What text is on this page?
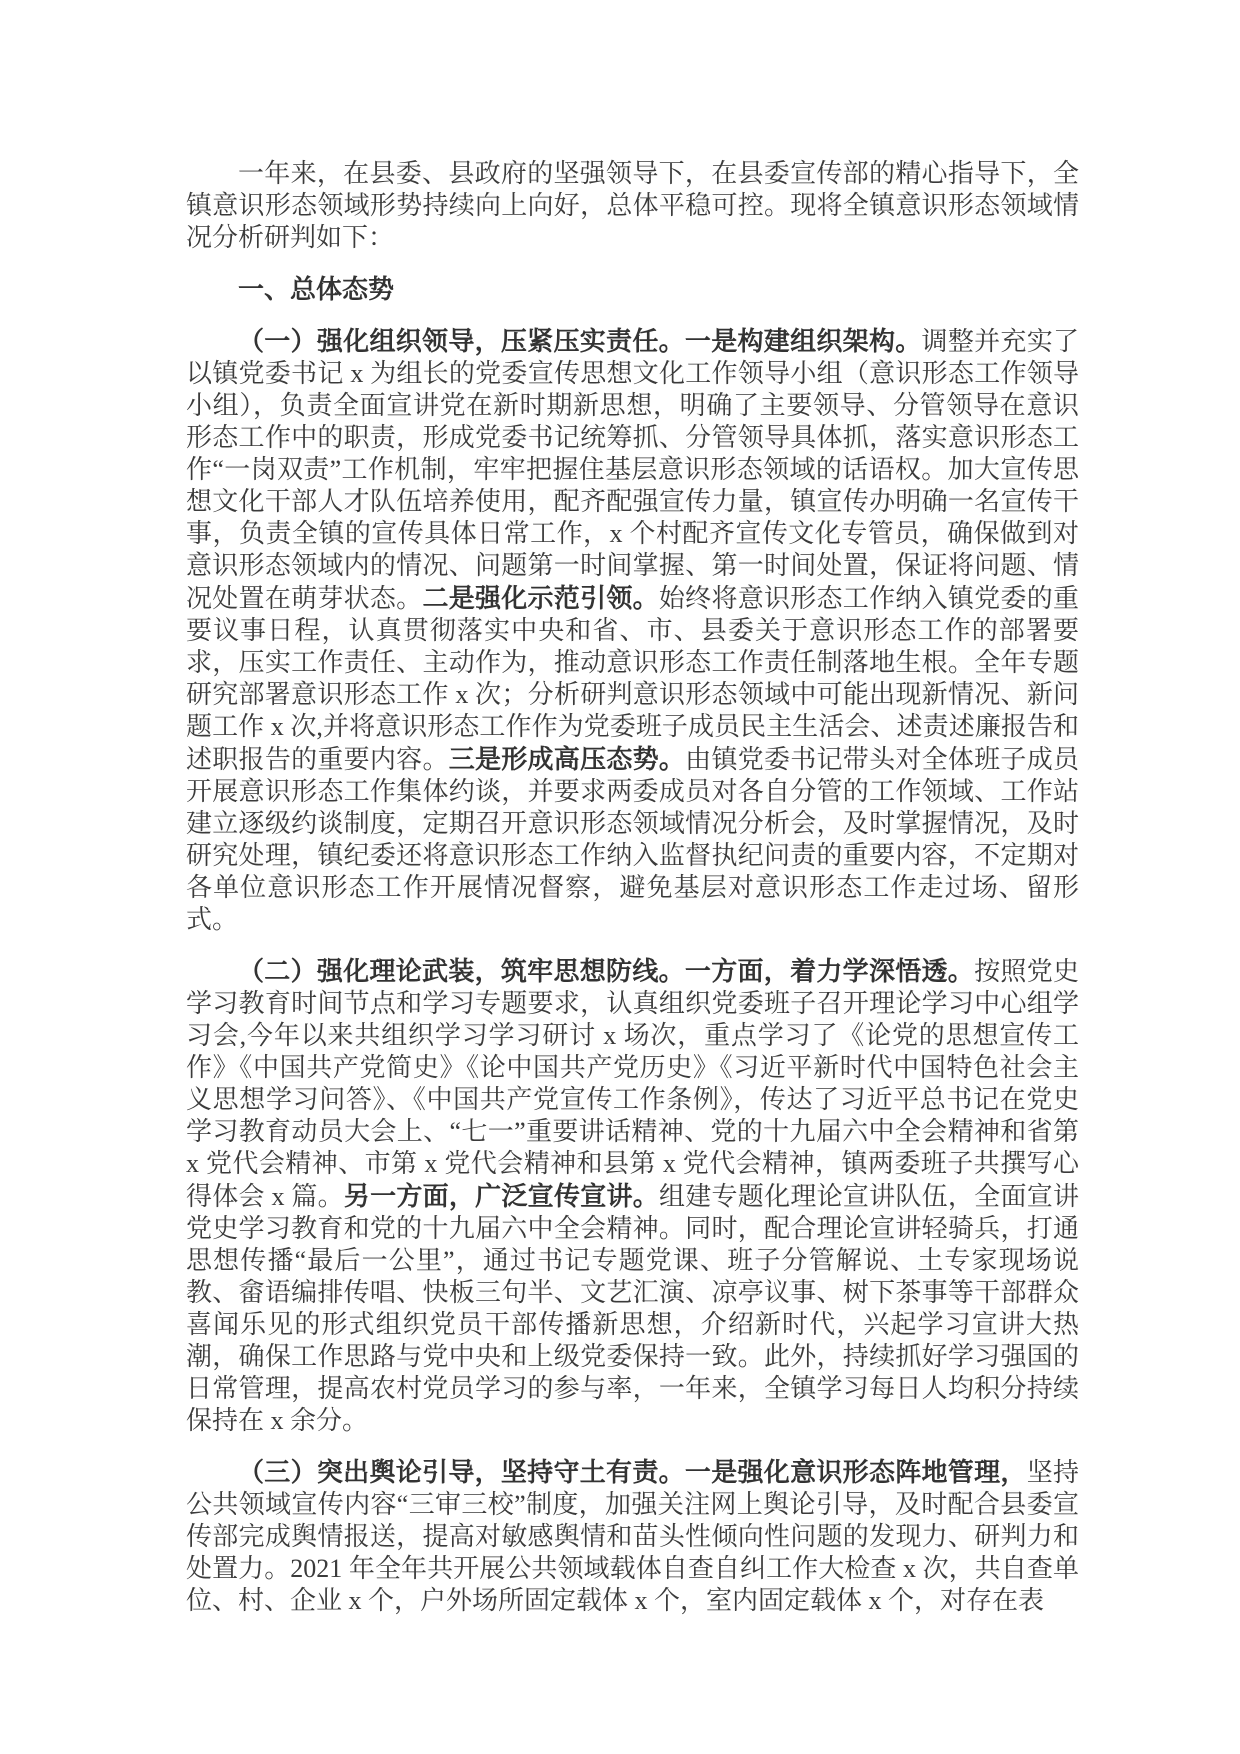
一年来，在县委、县政府的坚强领导下，在县委宣传部的精心指导下，全镇意识形态领域形势持续向上向好，总体平稳可控。现将全镇意识形态领域情况分析研判如下：

一、总体态势

（一）强化组织领导，压紧压实责任。一是构建组织架构。调整并充实了以镇党委书记 x 为组长的党委宣传思想文化工作领导小组（意识形态工作领导小组），负责全面宣讲党在新时期新思想，明确了主要领导、分管领导在意识形态工作中的职责，形成党委书记统筹抓、分管领导具体抓，落实意识形态工作“一岗双责”工作机制，牢牢把握住基层意识形态领域的话语权。加大宣传思想文化干部人才队伍培养使用，配齐配强宣传力量，镇宣传办明确一名宣传干事，负责全镇的宣传具体日常工作，x 个村配齐宣传文化专管员，确保做到对意识形态领域内的情况、问题第一时间掌握、第一时间处置，保证将问题、情况处置在萌芽状态。二是强化示范引领。始终将意识形态工作纳入镇党委的重要议事日程，认真贯彻落实中央和省、市、县委关于意识形态工作的部署要求，压实工作责任、主动作为，推动意识形态工作责任制落地生根。全年专题研究部署意识形态工作 x 次；分析研判意识形态领域中可能出现新情况、新问题工作 x 次,并将意识形态工作作为党委班子成员民主生活会、述责述廉报告和述职报告的重要内容。三是形成高压态势。由镇党委书记带头对全体班子成员开展意识形态工作集体约谈，并要求两委成员对各自分管的工作领域、工作站建立逐级约谈制度，定期召开意识形态领域情况分析会，及时掌握情况，及时研究处理，镇纪委还将意识形态工作纳入监督执纪问责的重要内容，不定期对各单位意识形态工作开展情况督察，避免基层对意识形态工作走过场、留形式。

（二）强化理论武装，筑牢思想防线。一方面，着力学深悟透。按照党史学习教育时间节点和学习专题要求，认真组织党委班子召开理论学习中心组学习会,今年以来共组织学习学习研讨 x 场次，重点学习了《论党的思想宣传工作》《中国共产党简史》《论中国共产党历史》《习近平新时代中国特色社会主义思想学习问答》、《中国共产党宣传工作条例》，传达了习近平总书记在党史学习教育动员大会上、“七一”重要讲话精神、党的十九届六中全会精神和省第 x 党代会精神、市第 x 党代会精神和县第 x 党代会精神，镇两委班子共撰写心得体会 x 篇。另一方面，广泛宣传宣讲。组建专题化理论宣讲队伍，全面宣讲党史学习教育和党的十九届六中全会精神。同时，配合理论宣讲轻骑兵，打通思想传播“最后一公里”，通过书记专题党课、班子分管解说、土专家现场说教、畲语编排传唱、快板三句半、文艺汇演、凉亭议事、树下茶事等干部群众喜闻乐见的形式组织党员干部传播新思想，介绍新时代，兴起学习宣讲大热潮，确保工作思路与党中央和上级党委保持一致。此外，持续抓好学习强国的日常管理，提高农村党员学习的参与率，一年来，全镇学习每日人均积分持续保持在 x 余分。

（三）突出舆论引导，坚持守土有责。一是强化意识形态阵地管理，坚持公共领域宣传内容“三审三校”制度，加强关注网上舆论引导，及时配合县委宣传部完成舆情报送，提高对敏感舆情和苗头性倾向性问题的发现力、研判力和处置力。2021 年全年共开展公共领域载体自查自纠工作大检查 x 次，共自查单位、村、企业 x 个，户外场所固定载体 x 个，室内固定载体 x 个，对存在表
